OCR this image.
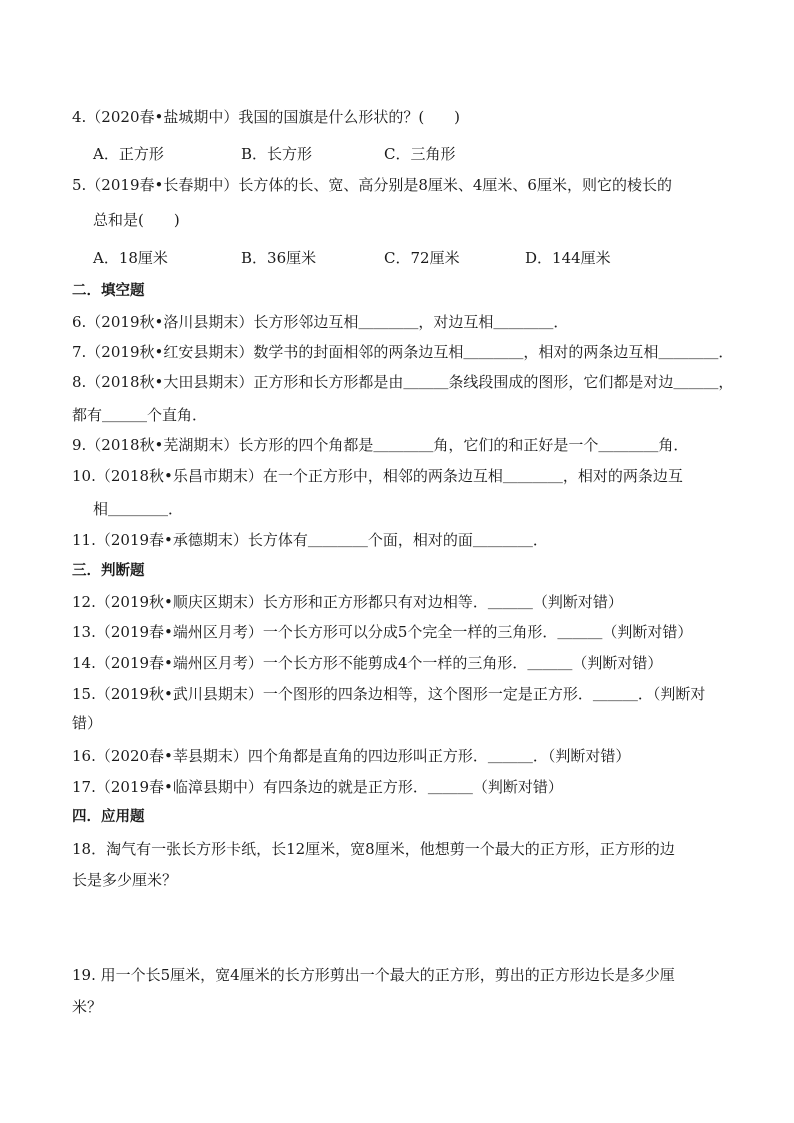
4.（2020春•盐城期中）我国的国旗是什么形状的？(　　)
A．正方形	B．长方形	C．三角形
5.（2019春•长春期中）长方体的长、宽、高分别是8厘米、4厘米、6厘米，则它的棱长的
总和是(　　)
A．18厘米	B．36厘米	C．72厘米	D．144厘米
二．填空题
6.（2019秋•洛川县期末）长方形邻边互相＿＿＿＿，对边互相＿＿＿＿．
7.（2019秋•红安县期末）数学书的封面相邻的两条边互相＿＿＿＿，相对的两条边互相＿＿＿＿．
8.（2018秋•大田县期末）正方形和长方形都是由＿＿＿条线段围成的图形，它们都是对边＿＿＿，
都有＿＿＿个直角．
9.（2018秋•芜湖期末）长方形的四个角都是＿＿＿＿角，它们的和正好是一个＿＿＿＿角．
10.（2018秋•乐昌市期末）在一个正方形中，相邻的两条边互相＿＿＿＿，相对的两条边互
相＿＿＿＿．
11.（2019春•承德期末）长方体有＿＿＿＿个面，相对的面＿＿＿＿．
三．判断题
12.（2019秋•顺庆区期末）长方形和正方形都只有对边相等．＿＿＿（判断对错）
13.（2019春•端州区月考）一个长方形可以分成5个完全一样的三角形．＿＿＿（判断对错）
14.（2019春•端州区月考）一个长方形不能剪成4个一样的三角形．＿＿＿（判断对错）
15.（2019秋•武川县期末）一个图形的四条边相等，这个图形一定是正方形．＿＿＿．（判断对
错）
16.（2020春•莘县期末）四个角都是直角的四边形叫正方形．＿＿＿．（判断对错）
17.（2019春•临漳县期中）有四条边的就是正方形．＿＿＿（判断对错）
四．应用题
18．淘气有一张长方形卡纸，长12厘米，宽8厘米，他想剪一个最大的正方形，正方形的边
长是多少厘米？
19. 用一个长5厘米，宽4厘米的长方形剪出一个最大的正方形，剪出的正方形边长是多少厘
米？
